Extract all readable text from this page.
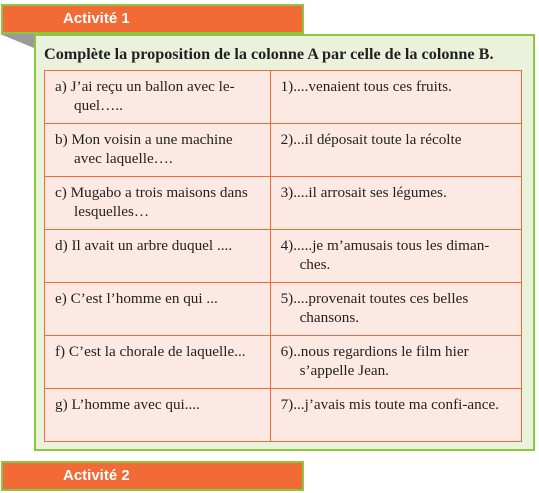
Activité 1
Complète la proposition de la colonne A par celle de la colonne B.
a) J’ai reçu un ballon avec le-quel…..	1)....venaient tous ces fruits.

b) Mon voisin a une machine avec laquelle….	2)...il déposait toute la récolte

c) Mugabo a trois maisons dans lesquelles…	3)....il arrosait ses légumes.

d) Il avait un arbre duquel ....	4).....je m’amusais tous les diman-ches.

e) C’est l’homme en qui ...	5)....provenait toutes ces belles chansons.

f) C’est la chorale de laquelle...	6)..nous regardions le film hier s’appelle Jean.

g) L’homme avec qui....	7)...j’avais mis toute ma confi-ance.
Activité 2
